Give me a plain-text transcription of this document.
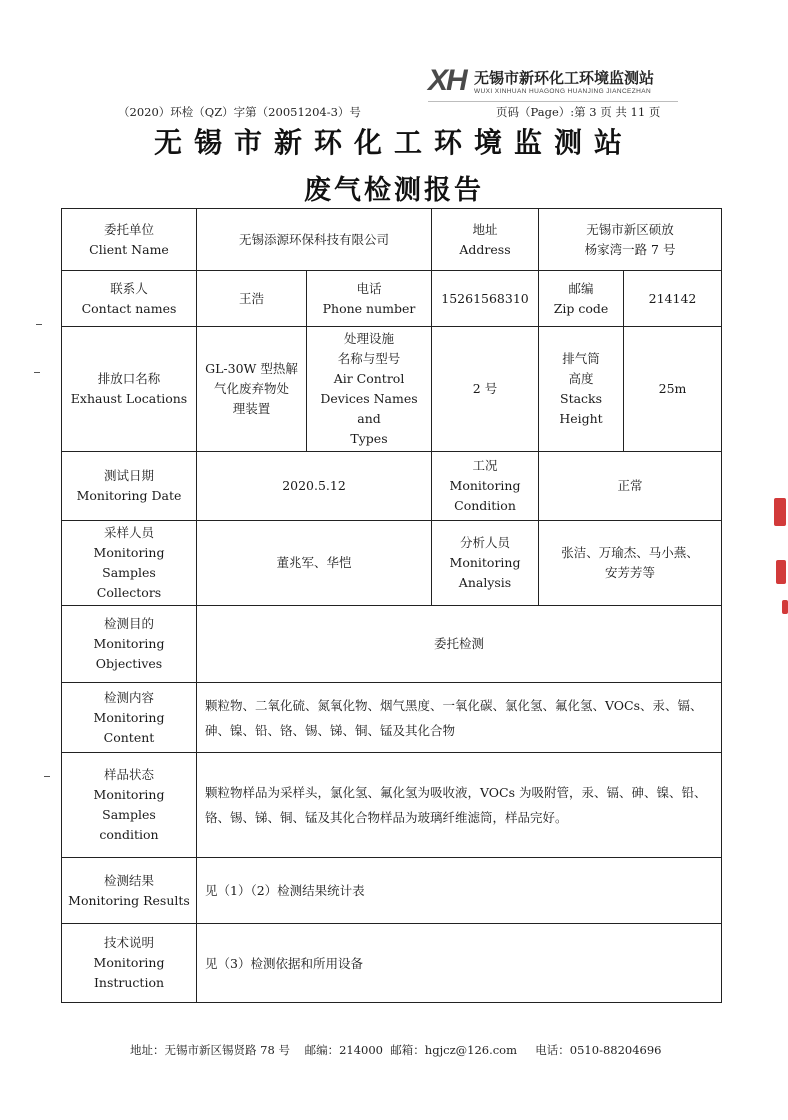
XH 无锡市新环化工环境监测站
WUXI XINHUAN HUAGONG HUANJING JIANCEZHAN
（2020）环检（QZ）字第（20051204-3）号	页码（Page）:第 3 页 共 11 页
无锡市新环化工环境监测站
废气检测报告
委托单位
Client Name	无锡添源环保科技有限公司		地址
Address	无锡市新区硕放
杨家湾一路 7 号	

联系人
Contact names	王浩	电话
Phone number	15261568310	邮编
Zip code	214142

排放口名称
Exhaust Locations	GL-30W 型热解
气化废弃物处
理装置	处理设施
名称与型号
Air Control
Devices Names and
Types	2 号	排气筒
高度
Stacks
Height	25m

测试日期
Monitoring Date	2020.5.12		工况
Monitoring
Condition	正常	

采样人员
Monitoring Samples
Collectors	董兆军、华恺		分析人员
Monitoring
Analysis	张洁、万瑜杰、马小燕、
安芳芳等	

检测目的
Monitoring
Objectives	委托检测				

检测内容
Monitoring Content	颗粒物、二氧化硫、氮氧化物、烟气黑度、一氧化碳、氯化氢、氟化氢、VOCs、汞、镉、砷、镍、铅、铬、锡、锑、铜、锰及其化合物				

样品状态
Monitoring Samples
condition	颗粒物样品为采样头，氯化氢、氟化氢为吸收液，VOCs 为吸附管，汞、镉、砷、镍、铅、铬、锡、锑、铜、锰及其化合物样品为玻璃纤维滤筒，样品完好。				

检测结果
Monitoring Results	见（1）（2）检测结果统计表				

技术说明
Monitoring
Instruction	见（3）检测依据和所用设备				
地址：无锡市新区锡贤路 78 号 邮编：214000 邮箱：hgjcz@126.com 电话：0510-88204696
